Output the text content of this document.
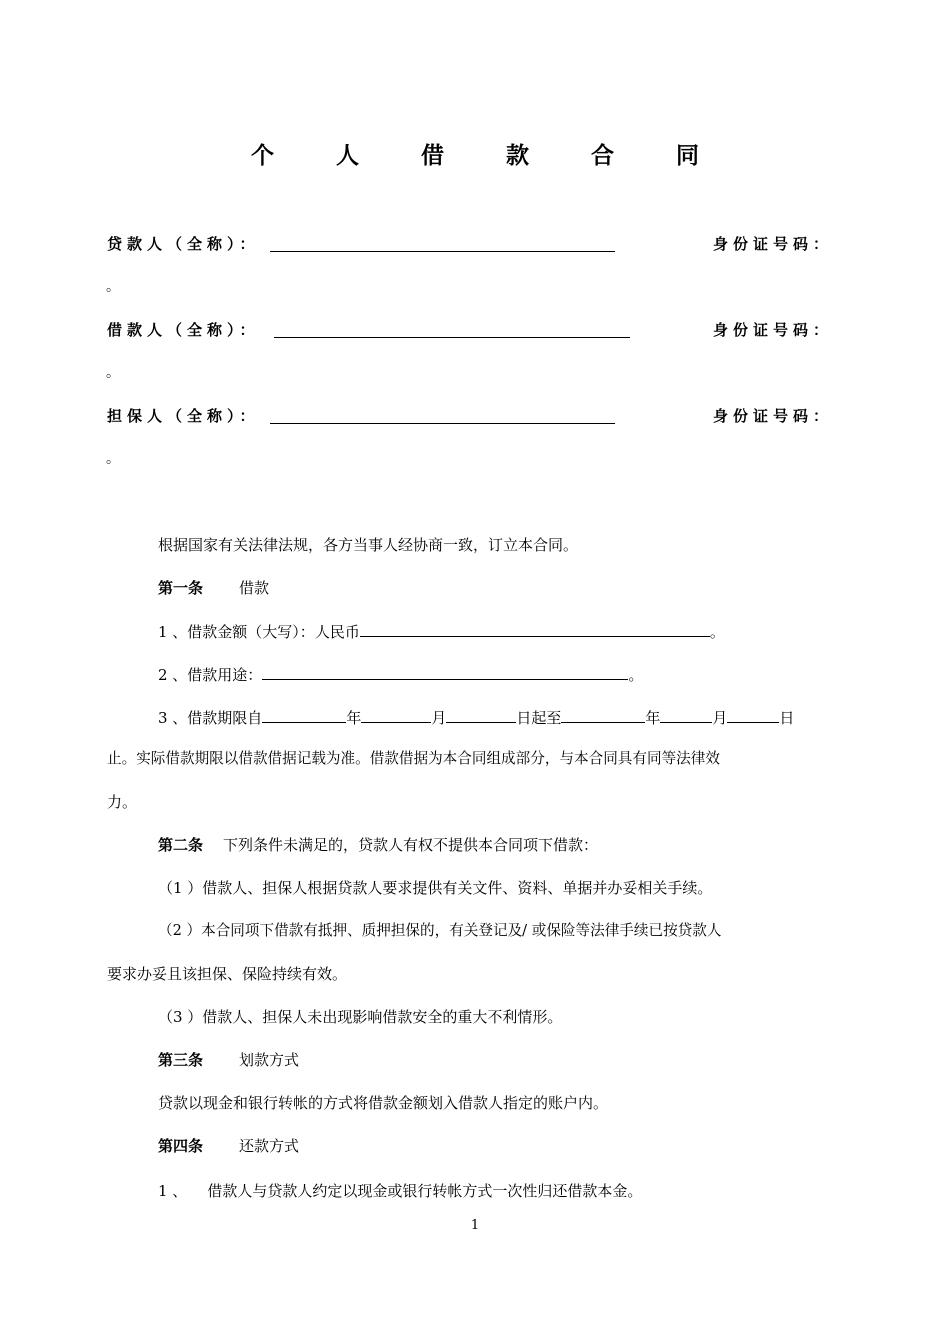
个 人 借 款 合 同
贷款人（全称）：	身份证号码：
。
借款人（全称）：	身份证号码：
。
担保人（全称）：	身份证号码：
。
根据国家有关法律法规，各方当事人经协商一致，订立本合同。
第一条 借款
1 、借款金额（大写）：人民币	。
2 、借款用途：	。
3 、借款期限自	年	月	日起至	年	月	日
止。实际借款期限以借款借据记载为准。借款借据为本合同组成部分，与本合同具有同等法律效
力。
第二条 下列条件未满足的，贷款人有权不提供本合同项下借款：
（1 ）借款人、担保人根据贷款人要求提供有关文件、资料、单据并办妥相关手续。
（2 ）本合同项下借款有抵押、质押担保的，有关登记及/ 或保险等法律手续已按贷款人
要求办妥且该担保、保险持续有效。
（3 ）借款人、担保人未出现影响借款安全的重大不利情形。
第三条 划款方式
贷款以现金和银行转帐的方式将借款金额划入借款人指定的账户内。
第四条 还款方式
1 、 借款人与贷款人约定以现金或银行转帐方式一次性归还借款本金。
1
